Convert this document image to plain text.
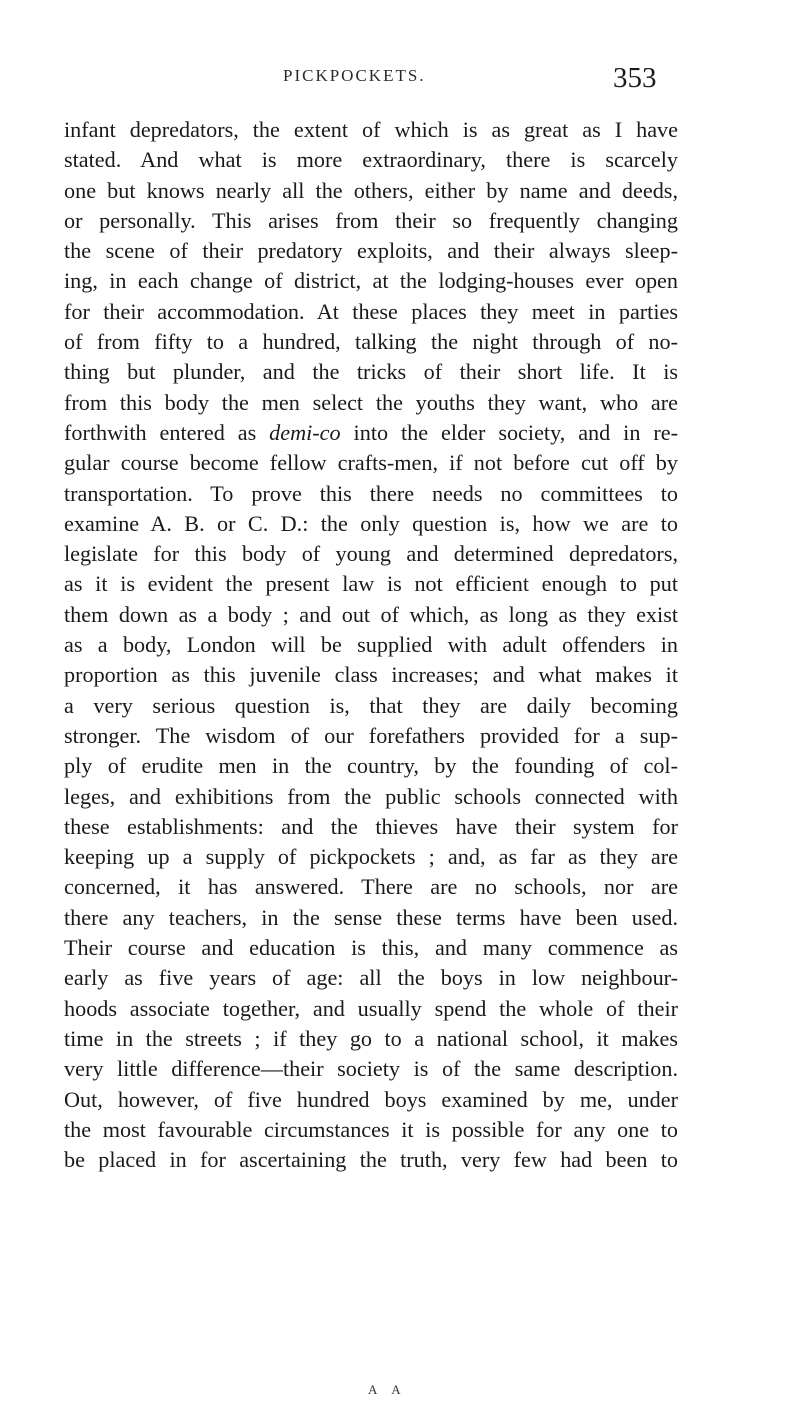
PICKPOCKETS.	353
infant depredators, the extent of which is as great as I have
stated. And what is more extraordinary, there is scarcely
one but knows nearly all the others, either by name and deeds,
or personally. This arises from their so frequently changing
the scene of their predatory exploits, and their always sleep-
ing, in each change of district, at the lodging-houses ever open
for their accommodation. At these places they meet in parties
of from fifty to a hundred, talking the night through of no-
thing but plunder, and the tricks of their short life. It is
from this body the men select the youths they want, who are
forthwith entered as demi-co into the elder society, and in re-
gular course become fellow crafts-men, if not before cut off by
transportation. To prove this there needs no committees to
examine A. B. or C. D.: the only question is, how we are to
legislate for this body of young and determined depredators,
as it is evident the present law is not efficient enough to put
them down as a body ; and out of which, as long as they exist
as a body, London will be supplied with adult offenders in
proportion as this juvenile class increases; and what makes it
a very serious question is, that they are daily becoming
stronger. The wisdom of our forefathers provided for a sup-
ply of erudite men in the country, by the founding of col-
leges, and exhibitions from the public schools connected with
these establishments: and the thieves have their system for
keeping up a supply of pickpockets ; and, as far as they are
concerned, it has answered. There are no schools, nor are
there any teachers, in the sense these terms have been used.
Their course and education is this, and many commence as
early as five years of age: all the boys in low neighbour-
hoods associate together, and usually spend the whole of their
time in the streets ; if they go to a national school, it makes
very little difference—their society is of the same description.
Out, however, of five hundred boys examined by me, under
the most favourable circumstances it is possible for any one to
be placed in for ascertaining the truth, very few had been to
A A
